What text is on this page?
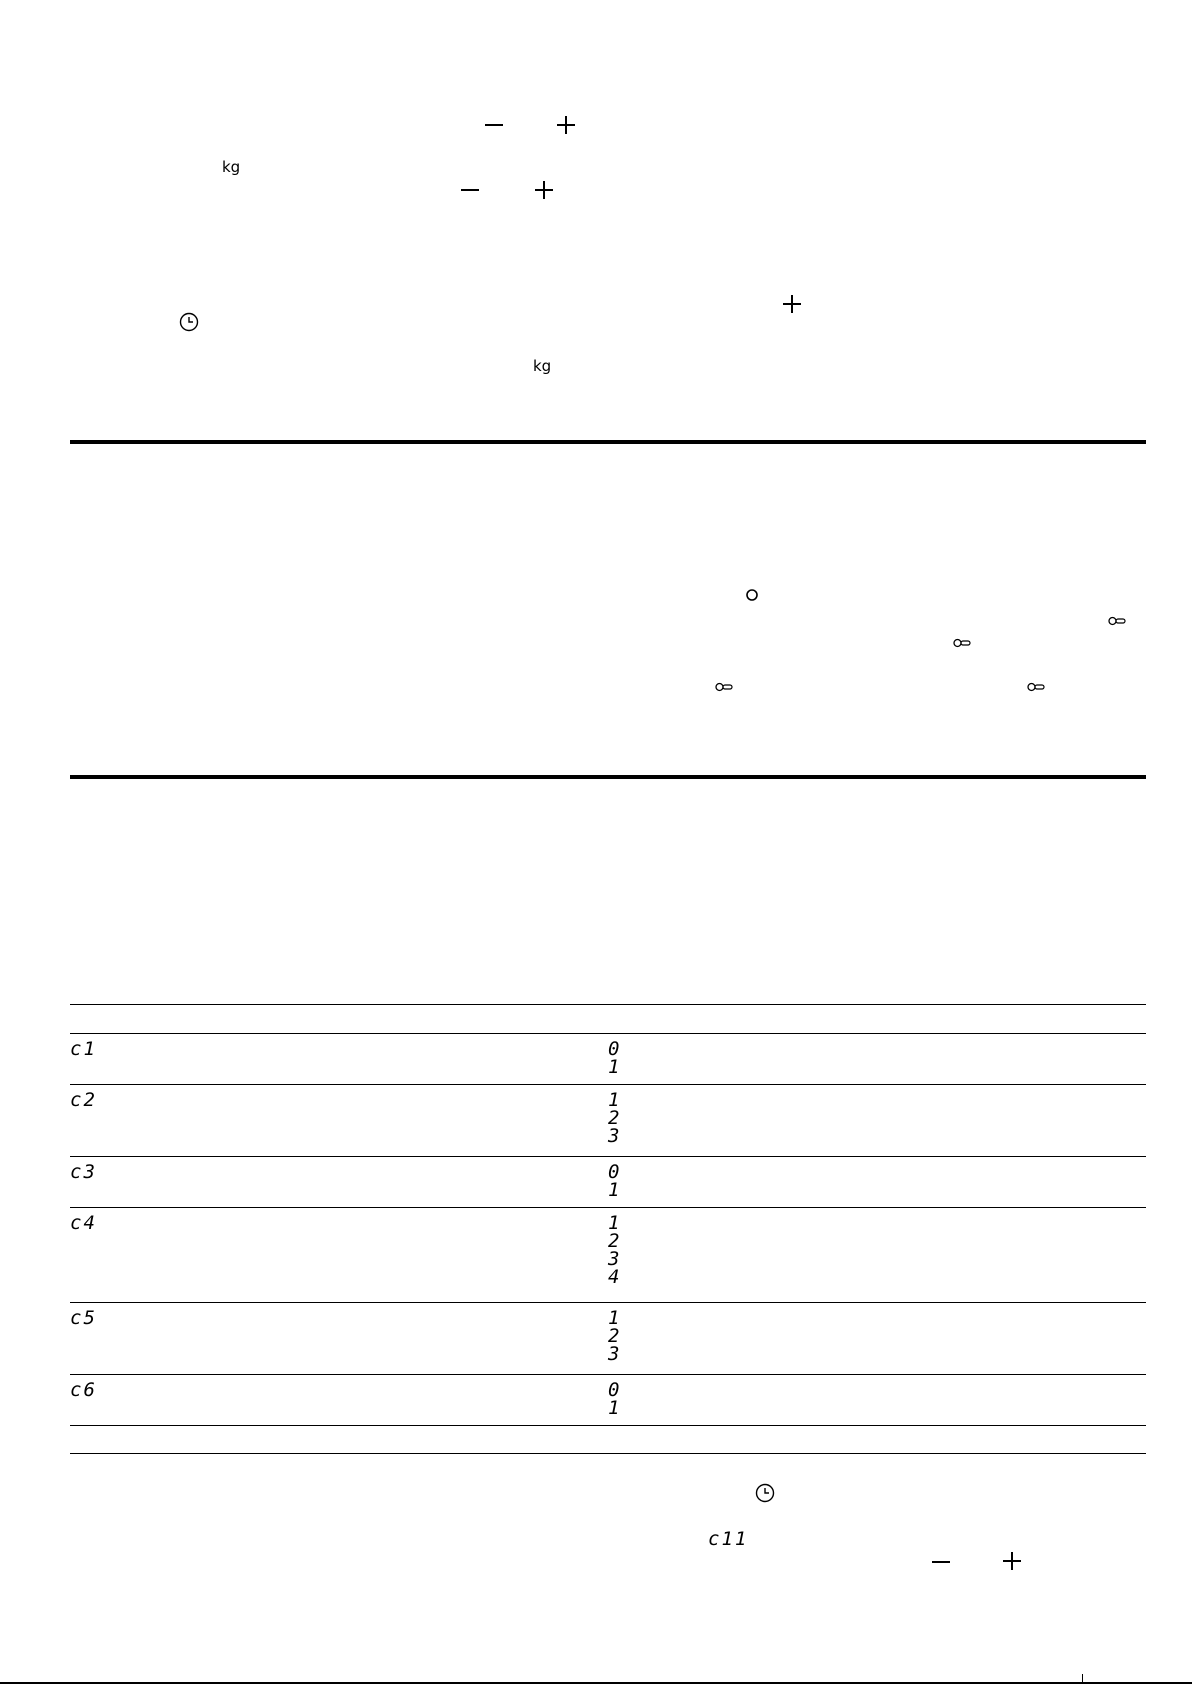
kg
kg
c1	0
1
c2	1
2
3
c3	0
1
c4	1
2
3
4
c5	1
2
3
c6	0
1
c11
